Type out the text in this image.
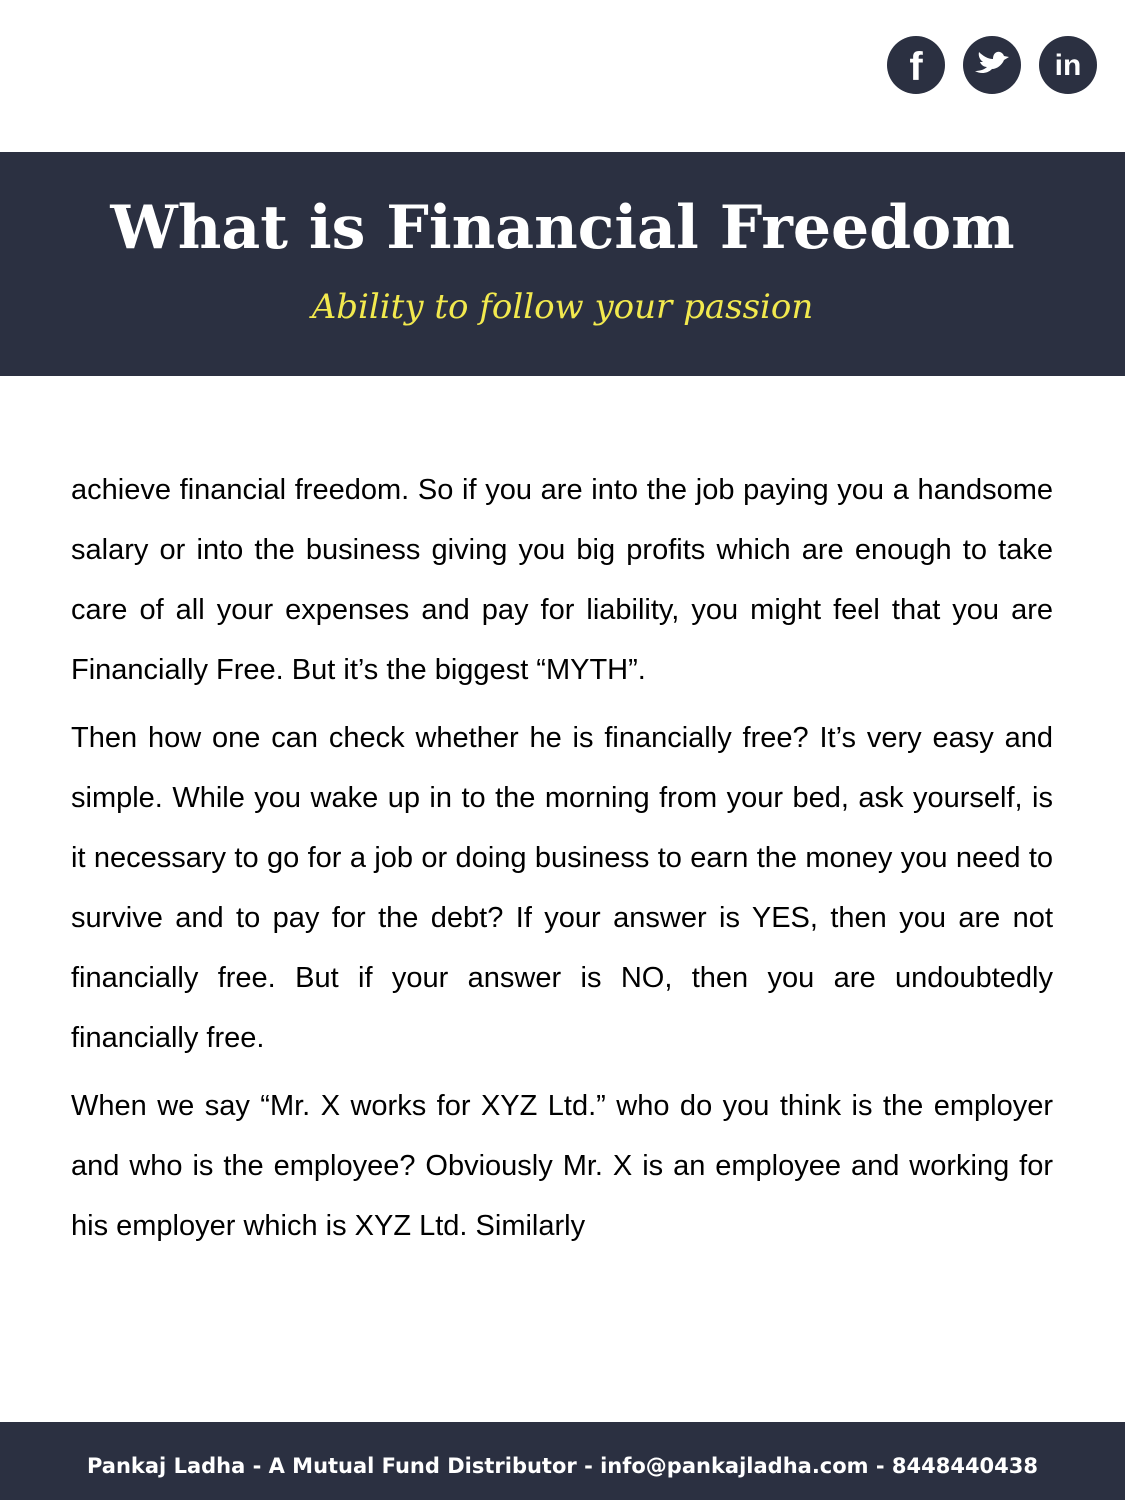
f	in
What is Financial Freedom
Ability to follow your passion

achieve financial freedom. So if you are into the job paying you a handsome salary or into the business giving you big profits which are enough to take care of all your expenses and pay for liability, you might feel that you are Financially Free. But it’s the biggest “MYTH”.

Then how one can check whether he is financially free? It’s very easy and simple. While you wake up in to the morning from your bed, ask yourself, is it necessary to go for a job or doing business to earn the money you need to survive and to pay for the debt? If your answer is YES, then you are not financially free. But if your answer is NO, then you are undoubtedly financially free.

When we say “Mr. X works for XYZ Ltd.” who do you think is the employer and who is the employee? Obviously Mr. X is an employee and working for his employer which is XYZ Ltd. Similarly

Pankaj Ladha - A Mutual Fund Distributor - info@pankajladha.com - 8448440438
